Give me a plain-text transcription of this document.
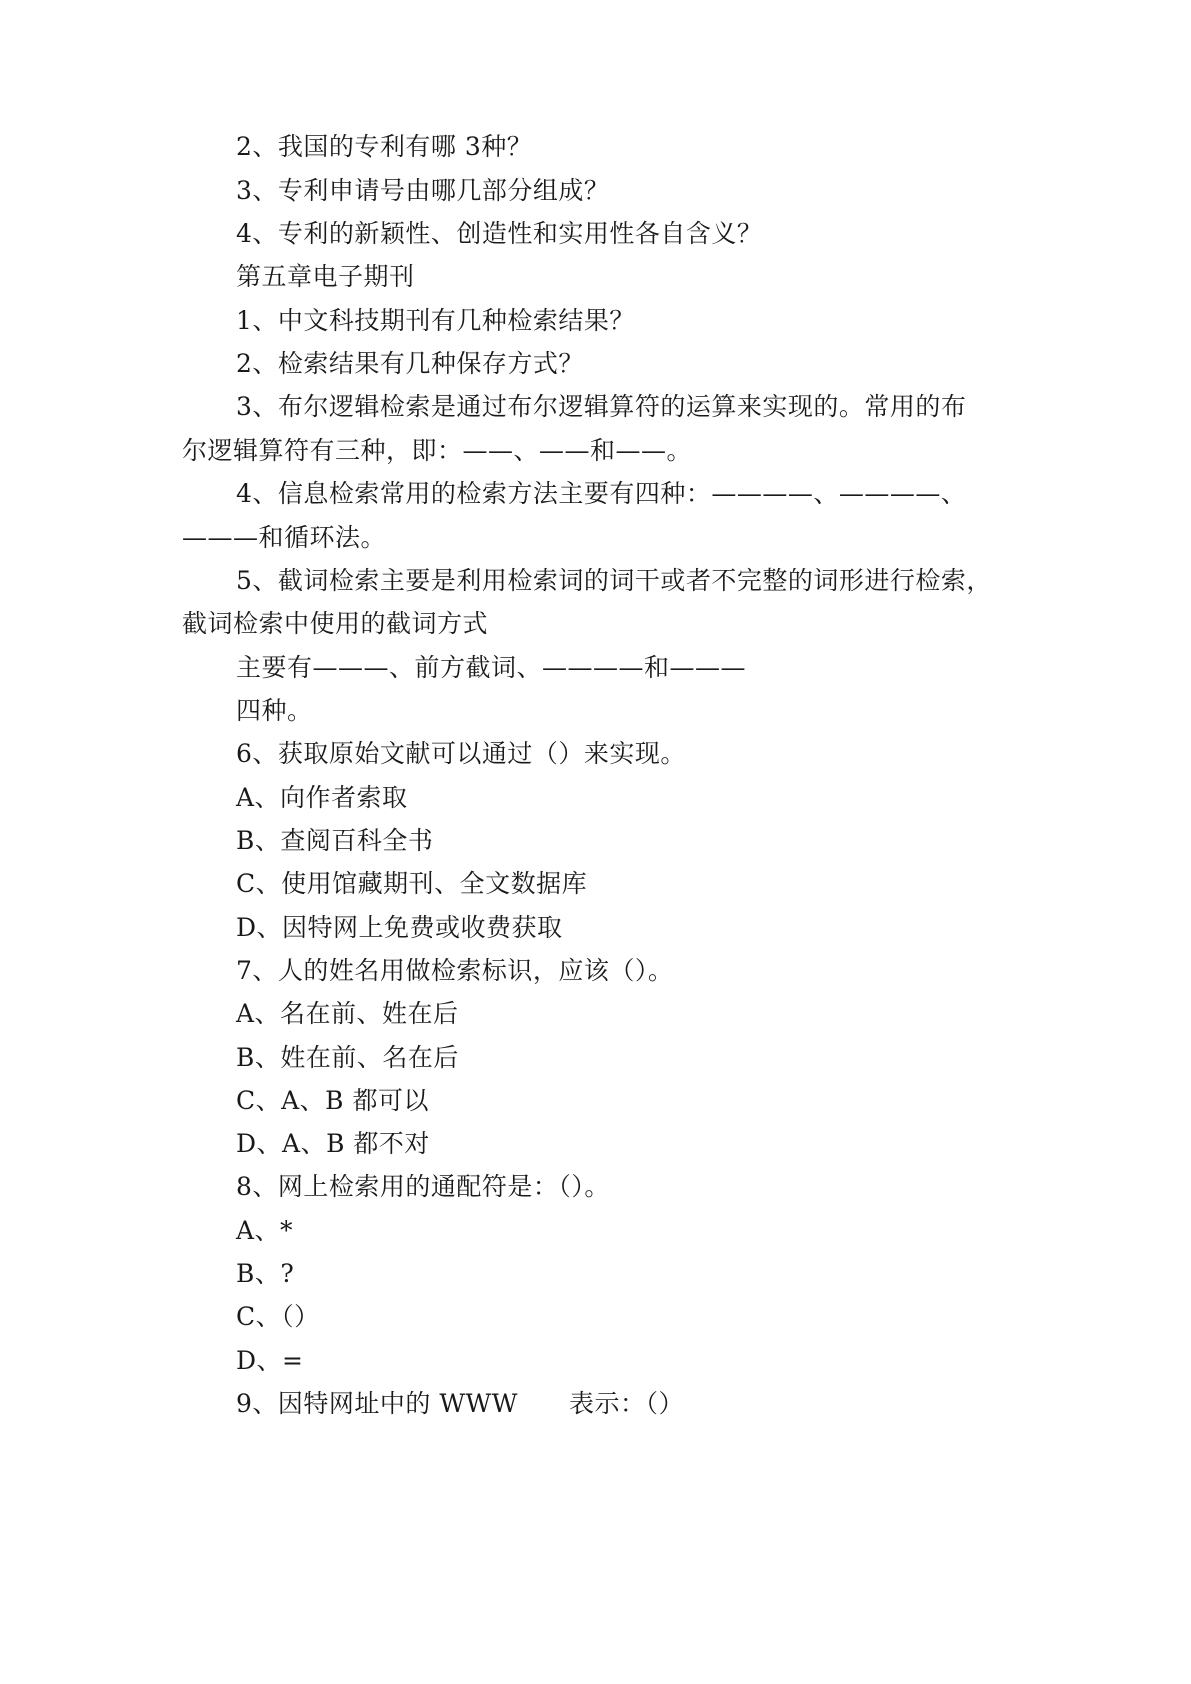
2、我国的专利有哪 3种？
3、专利申请号由哪几部分组成？
4、专利的新颖性、创造性和实用性各自含义？
第五章电子期刊
1、中文科技期刊有几种检索结果？
2、检索结果有几种保存方式？
3、布尔逻辑检索是通过布尔逻辑算符的运算来实现的。常用的布
尔逻辑算符有三种，即：——、——和——。
4、信息检索常用的检索方法主要有四种：————、————、
———和循环法。
5、截词检索主要是利用检索词的词干或者不完整的词形进行检索，
截词检索中使用的截词方式
主要有———、前方截词、————和———
四种。
6、获取原始文献可以通过（）来实现。
A、向作者索取
B、查阅百科全书
C、使用馆藏期刊、全文数据库
D、因特网上免费或收费获取
7、人的姓名用做检索标识，应该（）。
A、名在前、姓在后
B、姓在前、名在后
C、A、B 都可以
D、A、B 都不对
8、网上检索用的通配符是：（）。
A、*
B、?
C、（）
D、=
9、因特网址中的 WWW　　表示：（）
